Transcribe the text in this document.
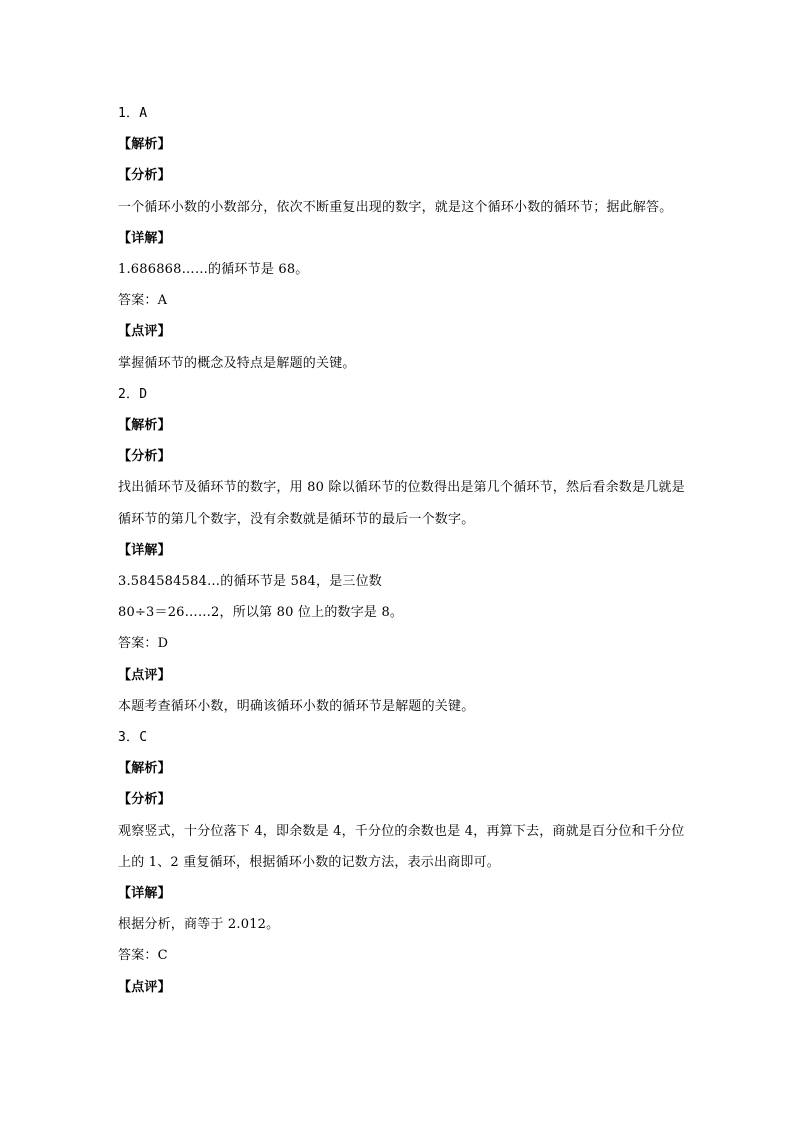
1．A
【解析】
【分析】
一个循环小数的小数部分，依次不断重复出现的数字，就是这个循环小数的循环节；据此解答。
【详解】
1.686868……的循环节是 68。
答案：A
【点评】
掌握循环节的概念及特点是解题的关键。
2．D
【解析】
【分析】
找出循环节及循环节的数字，用 80 除以循环节的位数得出是第几个循环节，然后看余数是几就是循环节的第几个数字，没有余数就是循环节的最后一个数字。
【详解】
3.584584584…的循环节是 584，是三位数
80÷3＝26……2，所以第 80 位上的数字是 8。
答案：D
【点评】
本题考查循环小数，明确该循环小数的循环节是解题的关键。
3．C
【解析】
【分析】
观察竖式，十分位落下 4，即余数是 4，千分位的余数也是 4，再算下去，商就是百分位和千分位上的 1、2 重复循环，根据循环小数的记数方法，表示出商即可。
【详解】
根据分析，商等于 2.012。
答案：C
【点评】
